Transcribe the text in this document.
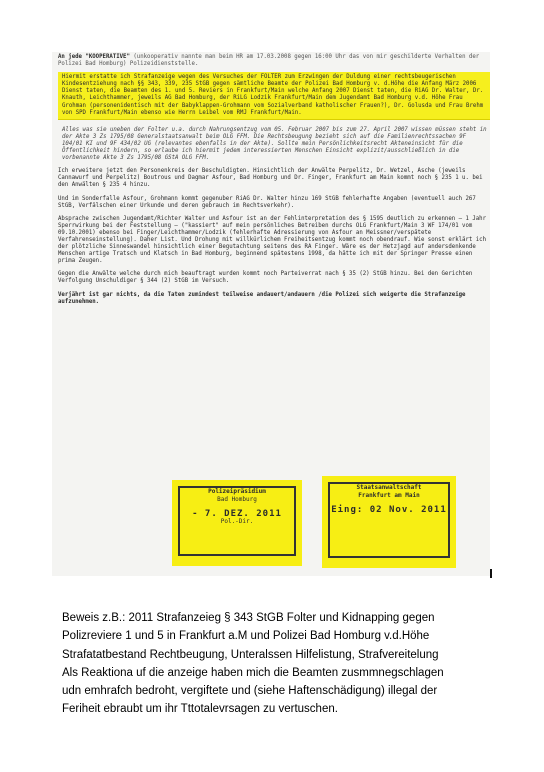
An jede "KOOPERATIVE" (unkooperativ nannte man beim HR am 17.03.2008 gegen 16:00 Uhr das von mir geschilderte Verhalten der Polizei Bad Homburg) Polizeidienststelle.

Hiermit erstatte ich Strafanzeige wegen des Versuches der FOLTER zum Erzwingen der Duldung einer rechtsbeugerischen Kindesentziehung nach §§ 343, 339, 235 StGB gegen sämtliche Beamte der Polizei Bad Homburg v. d.Höhe die Anfang März 2006 Dienst taten, die Beamten des 1. und 5. Reviers in Frankfurt/Main welche Anfang 2007 Dienst taten, die RiAG Dr. Walter, Dr. Knauth, Leichthammer, jeweils AG Bad Homburg, der RiLG Lodzik Frankfurt/Main dem Jugendamt Bad Homburg v.d. Höhe Frau Grohman (personenidentisch mit der Babyklappen-Grohmann vom Sozialverband katholischer Frauen?), Dr. Golusda und Frau Brehm von SPD Frankfurt/Main ebenso wie Herrn Leibel vom RMJ Frankfurt/Main.

Alles was sie uneben der Folter u.a. durch Nahrungsentzug vom 05. Februar 2007 bis zum 27. April 2007 wissen müssen steht in der Akte 3 Zs 1795/08 Generalstaatsanwalt beim OLG FFM. Die Rechtsbeugung bezieht sich auf die Familienrechtssachen 9F 104/01 KI und 9F 434/02 UG (relevantes ebenfalls in der Akte). Sollte mein Persönlichkeitsrecht Akteneinsicht für die Öffentlichkeit hindern, so erlaube ich hiermit jedem interessierten Menschen Einsicht explizit/ausschließlich in die vorbenannte Akte 3 Zs 1795/08 GStA OLG FFM.

Ich erweitere jetzt den Personenkreis der Beschuldigten. Hinsichtlich der Anwälte Perpelitz, Dr. Wetzel, Asche (jeweils Cannawurf und Perpelitz) Boutrous und Dagmar Asfour, Bad Homburg und Dr. Finger, Frankfurt am Main kommt noch § 235 1 u. bei den Anwälten § 235 4 hinzu.

Und im Sonderfalle Asfour, Grohmann kommt gegenuber RiAG Dr. Walter hinzu 169 StGB fehlerhafte Angaben (eventuell auch 267 StGB, Verfälschen einer Urkunde und deren gebrauch im Rechtsverkehr).

Absprache zwischen Jugendamt/Richter Walter und Asfour ist an der Fehlinterpretation des § 1595 deutlich zu erkennen – 1 Jahr Sperrwirkung bei der Feststellung – ("kassiert" auf mein persönliches Betreiben durchs OLG Frankfurt/Main 3 WF 174/01 vom 09.10.2001) ebenso bei Finger/Leichthammer/Lodzik (fehlerhafte Adressierung von Asfour an Meissner/verspätete Verfahrenseinstellung). Daher List. Und Drohung mit willkürlichem Freiheitsentzug kommt noch obendrauf. Wie sonst erklärt ich der plötzliche Sinneswandel hinsichtlich einer Begutachtung seitens des RA Finger. Wäre es der Hetzjagd auf andersdenkende Menschen artige Tratsch und Klatsch in Bad Homburg, beginnend spätestens 1998, da hätte ich mit der Springer Presse einen prima Zeugen.

Gegen die Anwälte welche durch mich beauftragt wurden kommt noch Parteiverrat nach § 35 (2) StGB hinzu. Bei den Gerichten Verfolgung Unschuldiger § 344 (2) StGB im Versuch.

Verjährt ist gar nichts, da die Taten zumindest teilweise andauert/andauern /die Polizei sich weigerte die Strafanzeige aufzunehmen.

Polizeipräsidium
Bad Homburg
- 7. DEZ. 2011
Pol.-Dir.
Staatsanwaltschaft
Frankfurt am Main
Eing: 02 Nov. 2011
Beweis z.B.: 2011 Strafanzeieg § 343 StGB Folter und Kidnapping gegen
Polizreviere 1 und 5 in Frankfurt a.M und Polizei Bad Homburg v.d.Höhe
Strafatatbestand Rechtbeugung, Unteralssen Hilfelistung, Strafvereitelung
Als Reaktiona uf die anzeige haben mich die Beamten zusmmnegschlagen
udn emhrafch bedroht, vergiftete und (siehe Haftenschädigung) illegal der
Feriheit ebraubt um ihr Tttotalevrsagen zu vertuschen.
